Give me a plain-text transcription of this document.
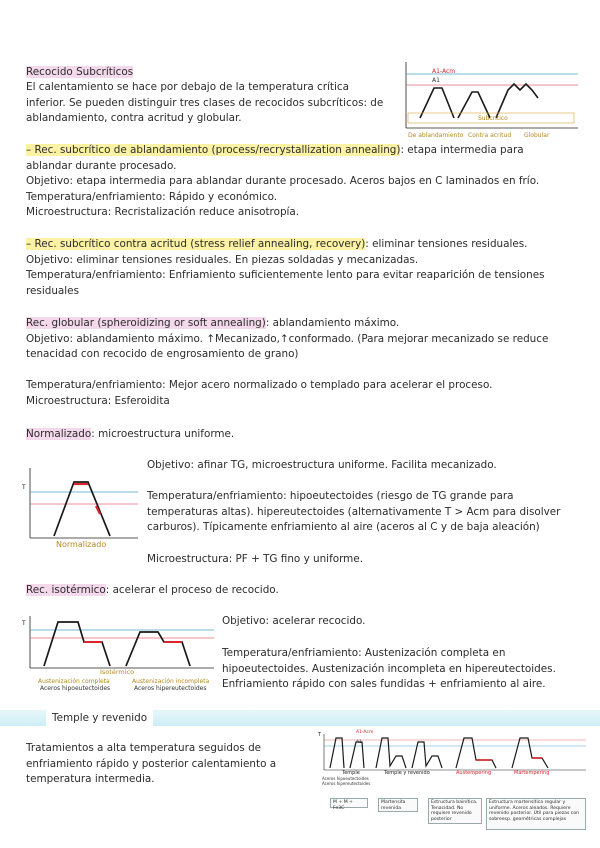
Recocido Subcríticos
El calentamiento se hace por debajo de la temperatura crítica
inferior. Se pueden distinguir tres clases de recocidos subcríticos: de
ablandamiento, contra acritud y globular.
A1-Acm
A1
Subcrítico
De ablandamiento Contra acritud Globular
– Rec. subcrítico de ablandamiento (process/recrystallization annealing): etapa intermedia para
ablandar durante procesado.
Objetivo: etapa intermedia para ablandar durante procesado. Aceros bajos en C laminados en frío.
Temperatura/enfriamiento: Rápido y económico.
Microestructura: Recristalización reduce anisotropía.
– Rec. subcrítico contra acritud (stress relief annealing, recovery): eliminar tensiones residuales.
Objetivo: eliminar tensiones residuales. En piezas soldadas y mecanizadas.
Temperatura/enfriamiento: Enfriamiento suficientemente lento para evitar reaparición de tensiones
residuales
Rec. globular (spheroidizing or soft annealing): ablandamiento máximo.
Objetivo: ablandamiento máximo. ↑Mecanizado,↑conformado. (Para mejorar mecanizado se reduce
tenacidad con recocido de engrosamiento de grano)
Temperatura/enfriamiento: Mejor acero normalizado o templado para acelerar el proceso.
Microestructura: Esferoidita
Normalizado: microestructura uniforme.
T
Normalizado
Objetivo: afinar TG, microestructura uniforme. Facilita mecanizado.
Temperatura/enfriamiento: hipoeutectoides (riesgo de TG grande para
temperaturas altas). hipereutectoides (alternativamente T > Acm para disolver
carburos). Típicamente enfriamiento al aire (aceros al C y de baja aleación)
Microestructura: PF + TG fino y uniforme.
Rec. isotérmico: acelerar el proceso de recocido.
T
Isotérmico
Austenización completa
Aceros hipoeutectoides
Austenización incompleta
Aceros hipereutectoides
Objetivo: acelerar recocido.
Temperatura/enfriamiento: Austenización completa en
hipoeutectoides. Austenización incompleta en hipereutectoides.
Enfriamiento rápido con sales fundidas + enfriamiento al aire.
Temple y revenido
Tratamientos a alta temperatura seguidos de
enfriamiento rápido y posterior calentamiento a
temperatura intermedia.
T	A1-Acm
A1
Temple	Temple y revenido	Austempering	Martempering
Aceros hipoeutectoides
Aceros hipereutectoides
M + M + Fe3C
Martensita revenida
Estructura bainítica. Tenacidad. No requiere revenido posterior
Estructura martensítica regular y uniforme. Aceros aleados. Requiere revenido posterior. Útil para piezas con sobreesp. geométricas complejas
